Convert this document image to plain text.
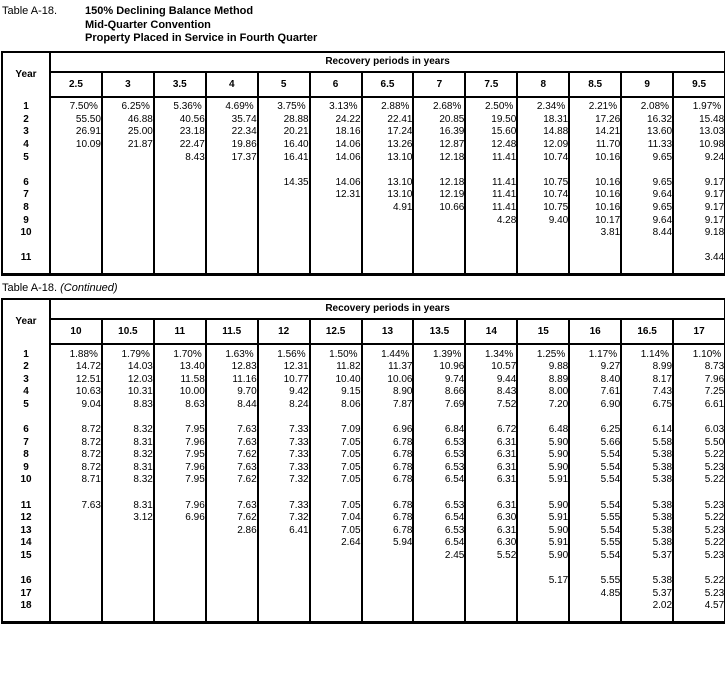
Table A-18.	150% Declining Balance Method
Mid-Quarter Convention
Property Placed in Service in Fourth Quarter
Year	Recovery periods in years												
	2.5	3	3.5	4	5	6	6.5	7	7.5	8	8.5	9	9.5

1	7.50%	6.25%	5.36%	4.69%	3.75%	3.13%	2.88%	2.68%	2.50%	2.34%	2.21%	2.08%	1.97%
2	55.50	46.88	40.56	35.74	28.88	24.22	22.41	20.85	19.50	18.31	17.26	16.32	15.48
3	26.91	25.00	23.18	22.34	20.21	18.16	17.24	16.39	15.60	14.88	14.21	13.60	13.03
4	10.09	21.87	22.47	19.86	16.40	14.06	13.26	12.87	12.48	12.09	11.70	11.33	10.98
5			8.43	17.37	16.41	14.06	13.10	12.18	11.41	10.74	10.16	9.65	9.24

6					14.35	14.06	13.10	12.18	11.41	10.75	10.16	9.65	9.17
7						12.31	13.10	12.19	11.41	10.74	10.16	9.64	9.17
8							4.91	10.66	11.41	10.75	10.16	9.65	9.17
9									4.28	9.40	10.17	9.64	9.17
10											3.81	8.44	9.18

11													3.44

Table A-18. (Continued)
Year	Recovery periods in years												
	10	10.5	11	11.5	12	12.5	13	13.5	14	15	16	16.5	17

1	1.88%	1.79%	1.70%	1.63%	1.56%	1.50%	1.44%	1.39%	1.34%	1.25%	1.17%	1.14%	1.10%
2	14.72	14.03	13.40	12.83	12.31	11.82	11.37	10.96	10.57	9.88	9.27	8.99	8.73
3	12.51	12.03	11.58	11.16	10.77	10.40	10.06	9.74	9.44	8.89	8.40	8.17	7.96
4	10.63	10.31	10.00	9.70	9.42	9.15	8.90	8.66	8.43	8.00	7.61	7.43	7.25
5	9.04	8.83	8.63	8.44	8.24	8.06	7.87	7.69	7.52	7.20	6.90	6.75	6.61

6	8.72	8.32	7.95	7.63	7.33	7.09	6.96	6.84	6.72	6.48	6.25	6.14	6.03
7	8.72	8.31	7.96	7.63	7.33	7.05	6.78	6.53	6.31	5.90	5.66	5.58	5.50
8	8.72	8.32	7.95	7.62	7.33	7.05	6.78	6.53	6.31	5.90	5.54	5.38	5.22
9	8.72	8.31	7.96	7.63	7.33	7.05	6.78	6.53	6.31	5.90	5.54	5.38	5.23
10	8.71	8.32	7.95	7.62	7.32	7.05	6.78	6.54	6.31	5.91	5.54	5.38	5.22

11	7.63	8.31	7.96	7.63	7.33	7.05	6.78	6.53	6.31	5.90	5.54	5.38	5.23
12		3.12	6.96	7.62	7.32	7.04	6.78	6.54	6.30	5.91	5.55	5.38	5.22
13				2.86	6.41	7.05	6.78	6.53	6.31	5.90	5.54	5.38	5.23
14						2.64	5.94	6.54	6.30	5.91	5.55	5.38	5.22
15								2.45	5.52	5.90	5.54	5.37	5.23

16										5.17	5.55	5.38	5.22
17											4.85	5.37	5.23
18												2.02	4.57
